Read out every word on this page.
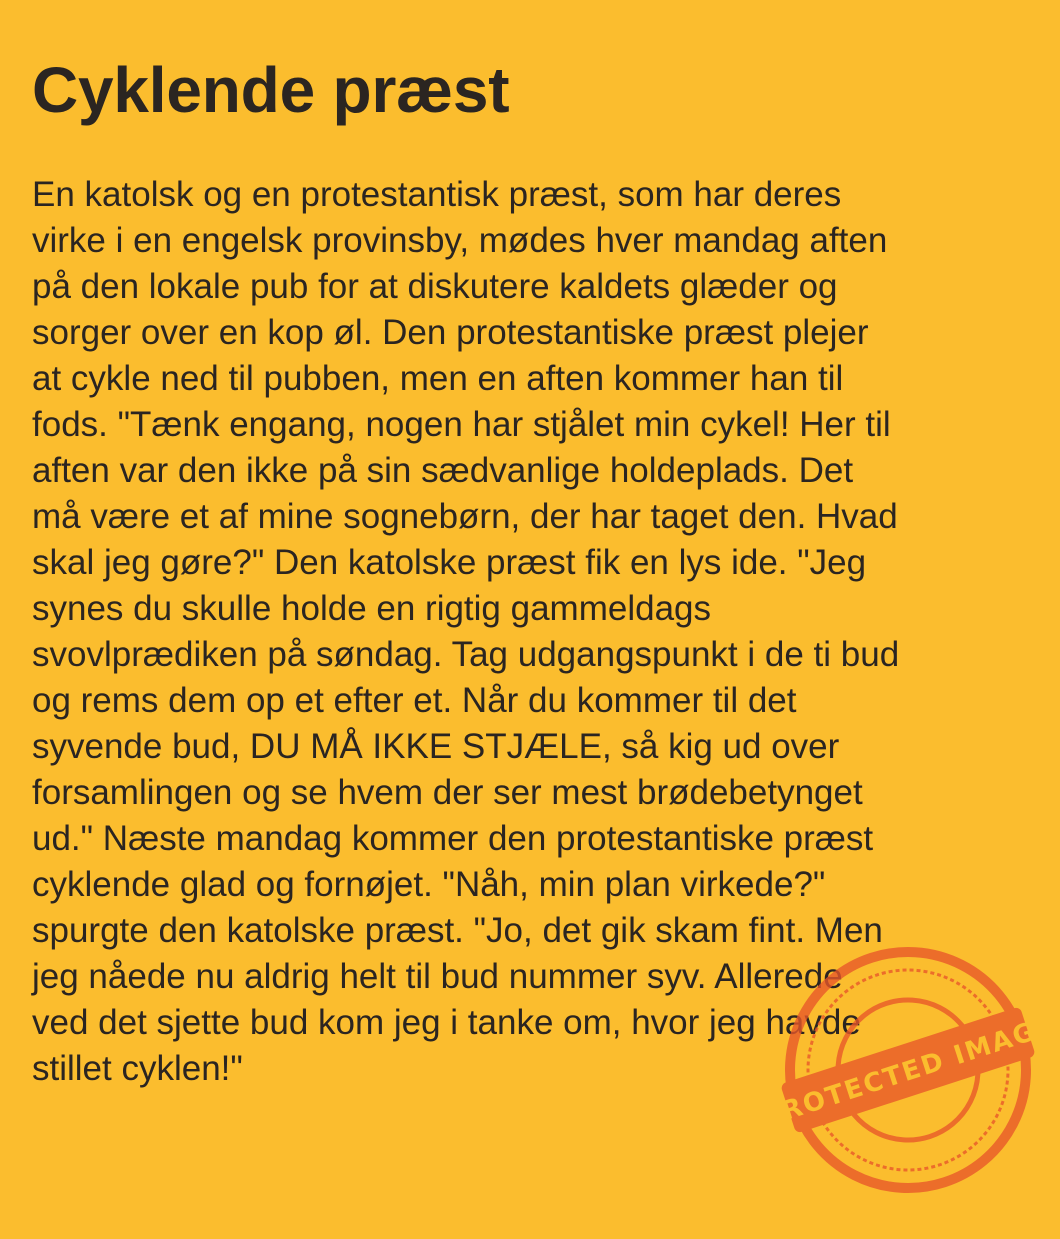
Cyklende præst
En katolsk og en protestantisk præst, som har deres
virke i en engelsk provinsby, mødes hver mandag aften
på den lokale pub for at diskutere kaldets glæder og
sorger over en kop øl. Den protestantiske præst plejer
at cykle ned til pubben, men en aften kommer han til
fods. "Tænk engang, nogen har stjålet min cykel! Her til
aften var den ikke på sin sædvanlige holdeplads. Det
må være et af mine sognebørn, der har taget den. Hvad
skal jeg gøre?" Den katolske præst fik en lys ide. "Jeg
synes du skulle holde en rigtig gammeldags
svovlprædiken på søndag. Tag udgangspunkt i de ti bud
og rems dem op et efter et. Når du kommer til det
syvende bud, DU MÅ IKKE STJÆLE, så kig ud over
forsamlingen og se hvem der ser mest brødebetynget
ud." Næste mandag kommer den protestantiske præst
cyklende glad og fornøjet. "Nåh, min plan virkede?"
spurgte den katolske præst. "Jo, det gik skam fint. Men
jeg nåede nu aldrig helt til bud nummer syv. Allerede
ved det sjette bud kom jeg i tanke om, hvor jeg havde
stillet cyklen!"	PROTECTED IMAGE
